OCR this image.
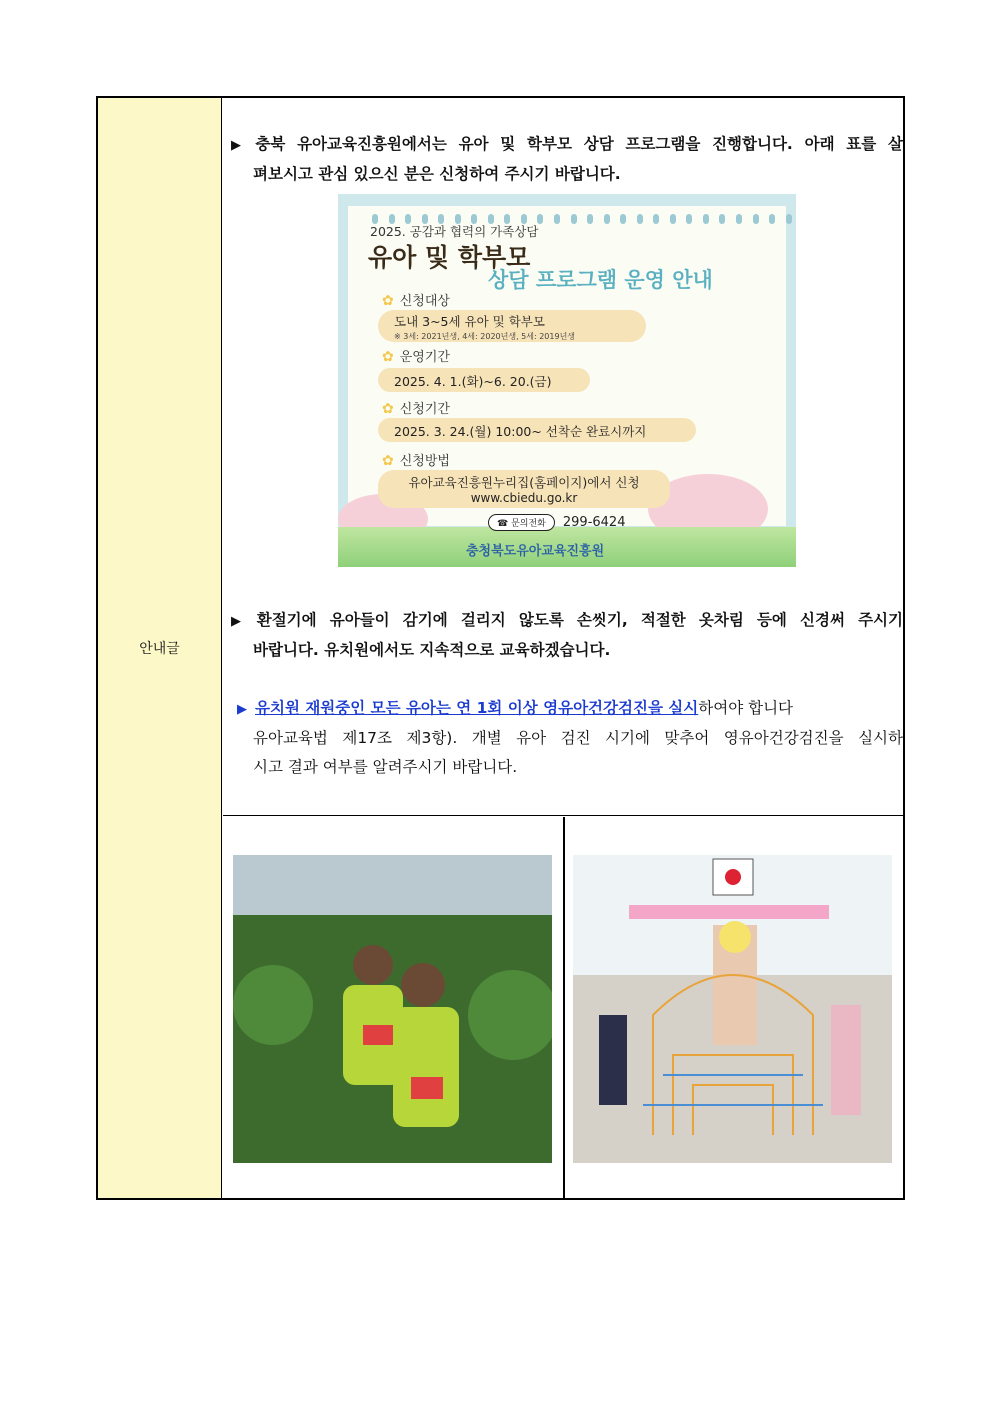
안내글
▶ 충북 유아교육진흥원에서는 유아 및 학부모 상담 프로그램을 진행합니다. 아래 표를 살
펴보시고 관심 있으신 분은 신청하여 주시기 바랍니다.
2025. 공감과 협력의 가족상담
유아 및 학부모
상담 프로그램 운영 안내
✿ 신청대상
도내 3~5세 유아 및 학부모
※ 3세: 2021년생, 4세: 2020년생, 5세: 2019년생
✿ 운영기간
2025. 4. 1.(화)~6. 20.(금)
✿ 신청기간
2025. 3. 24.(월) 10:00~ 선착순 완료시까지
✿ 신청방법
유아교육진흥원누리집(홈페이지)에서 신청
www.cbiedu.go.kr
☎ 문의전화 299-6424
충청북도유아교육진흥원
▶ 환절기에 유아들이 감기에 걸리지 않도록 손씻기, 적절한 옷차림 등에 신경써 주시기
바랍니다. 유치원에서도 지속적으로 교육하겠습니다.
▶ 유치원 재원중인 모든 유아는 연 1회 이상 영유아건강검진을 실시하여야 합니다
유아교육법 제17조 제3항). 개별 유아 검진 시기에 맞추어 영유아건강검진을 실시하
시고 결과 여부를 알려주시기 바랍니다.
